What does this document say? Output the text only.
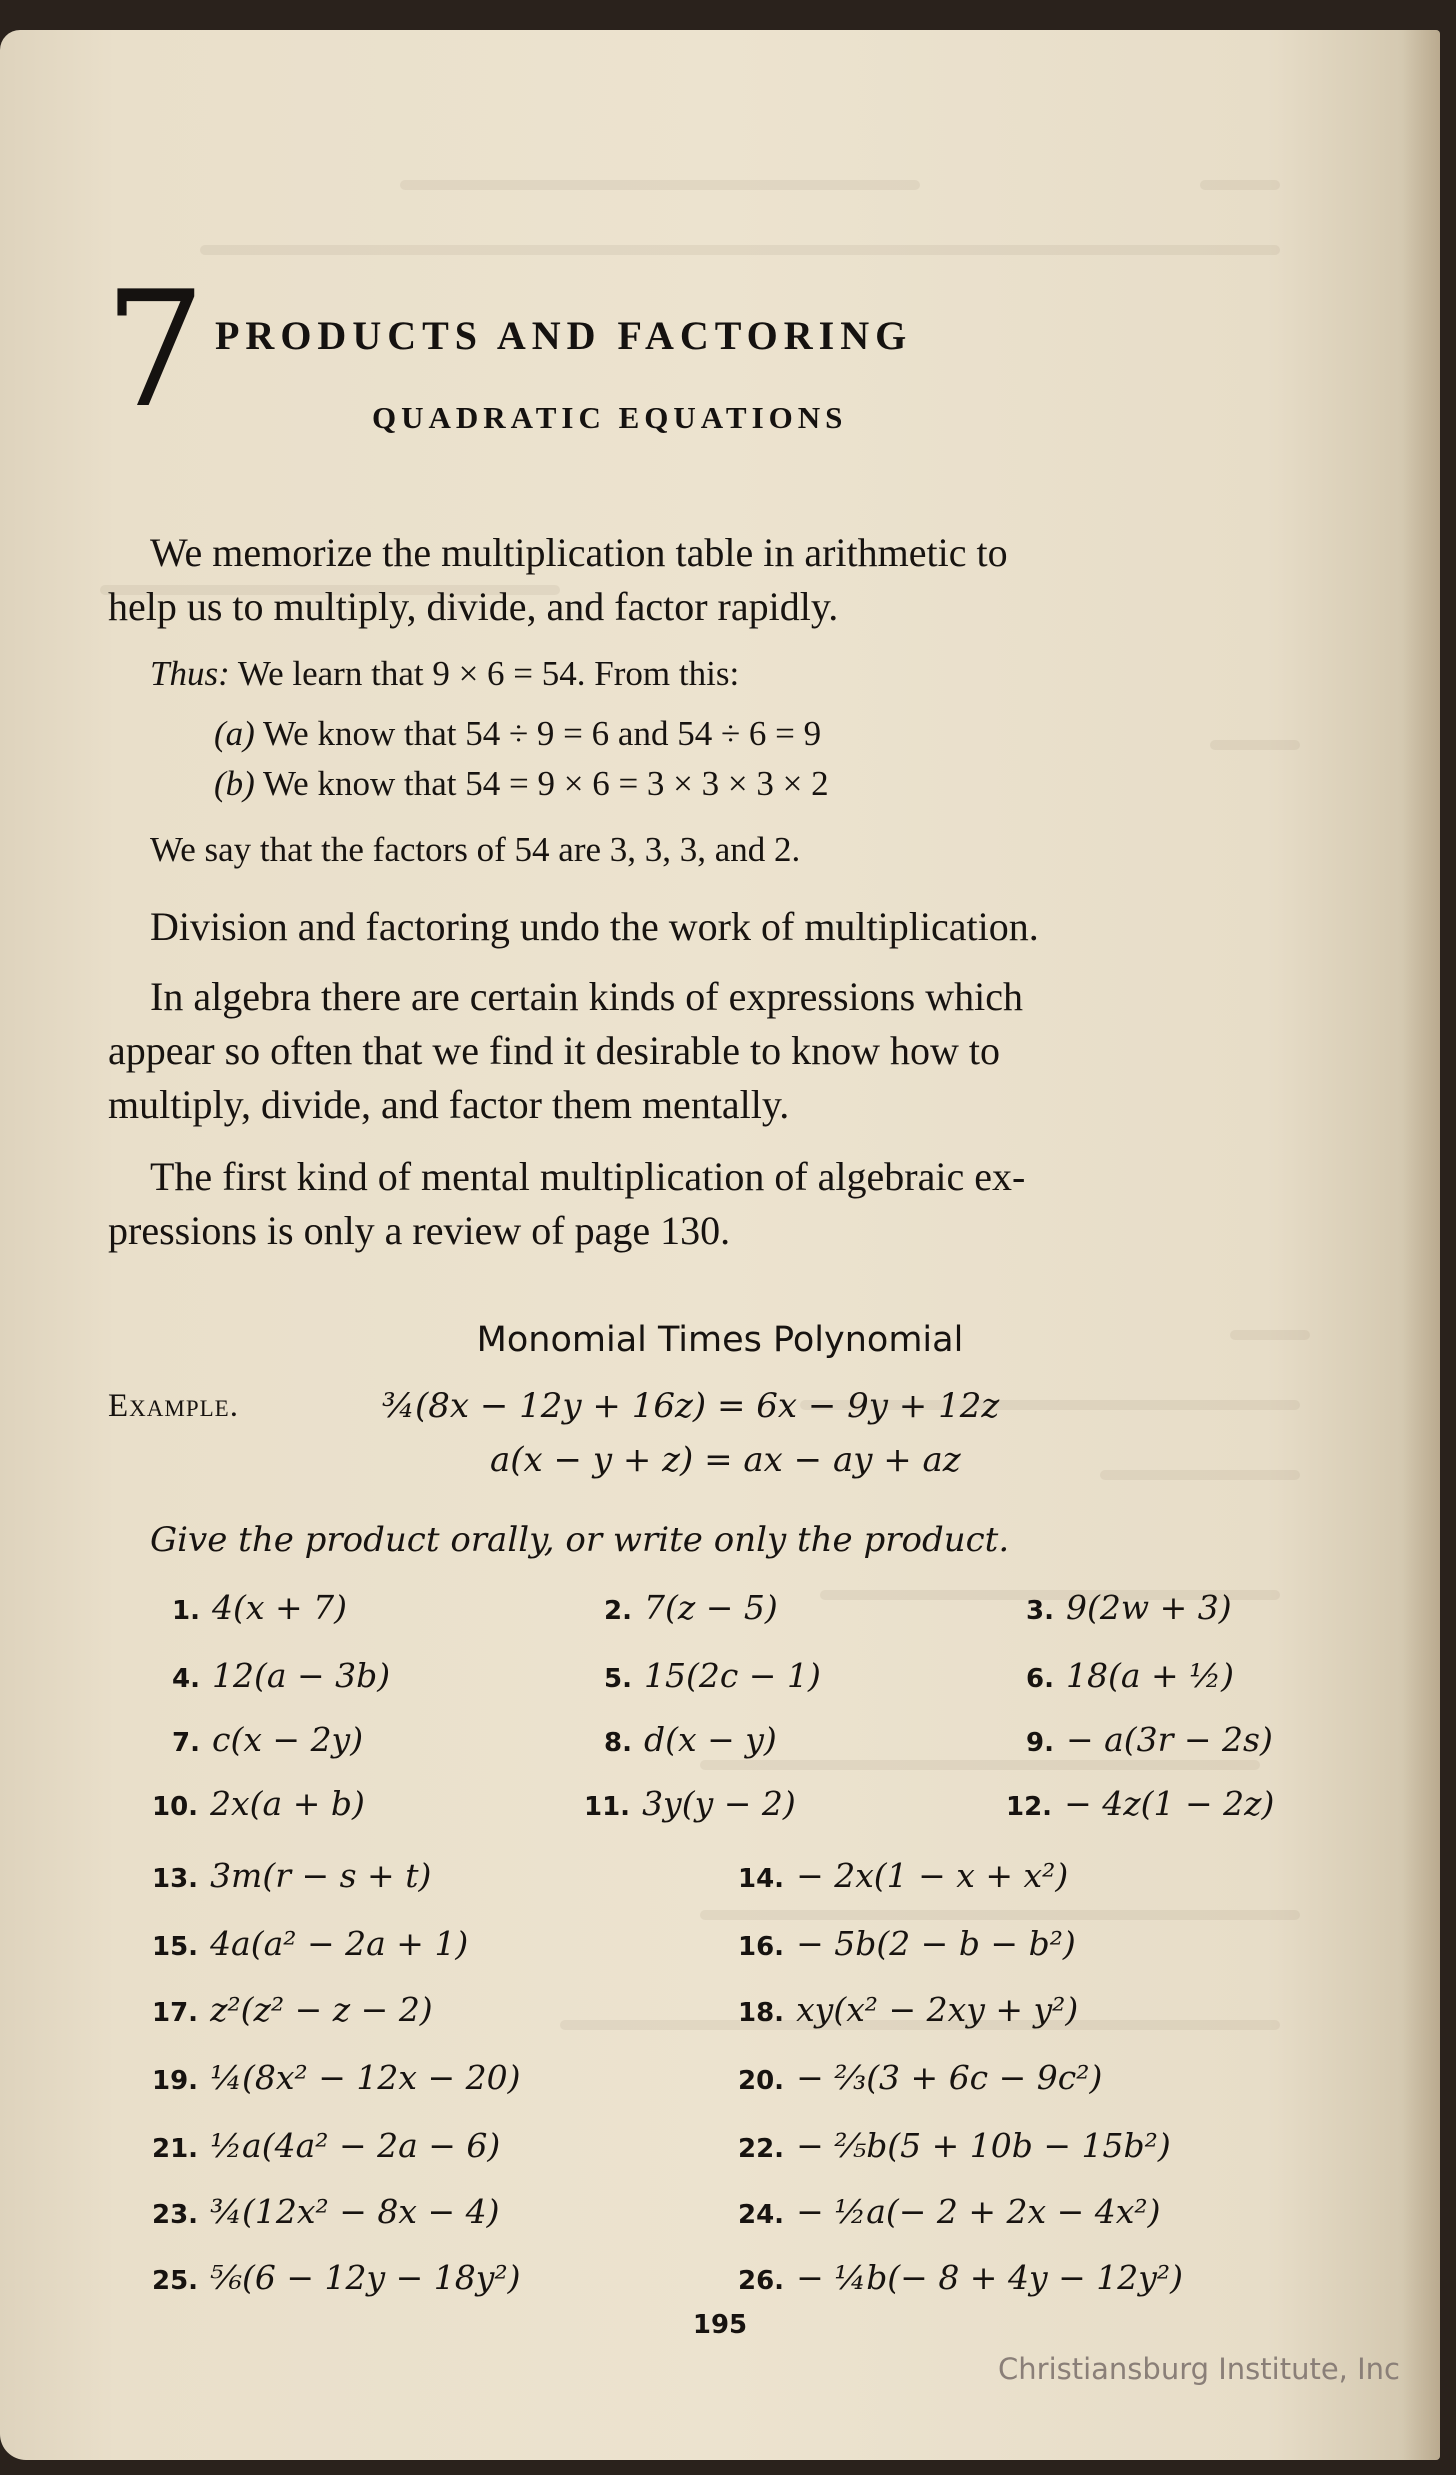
7 PRODUCTS AND FACTORING
QUADRATIC EQUATIONS
We memorize the multiplication table in arithmetic to
help us to multiply, divide, and factor rapidly.
Thus: We learn that 9 × 6 = 54. From this:
(a) We know that 54 ÷ 9 = 6 and 54 ÷ 6 = 9
(b) We know that 54 = 9 × 6 = 3 × 3 × 3 × 2
We say that the factors of 54 are 3, 3, 3, and 2.
Division and factoring undo the work of multiplication.
In algebra there are certain kinds of expressions which
appear so often that we find it desirable to know how to
multiply, divide, and factor them mentally.
The first kind of mental multiplication of algebraic ex-
pressions is only a review of page 130.
Monomial Times Polynomial
Example.	¾(8x − 12y + 16z) = 6x − 9y + 12z
a(x − y + z) = ax − ay + az
Give the product orally, or write only the product.
1. 4(x + 7)	2. 7(z − 5)	3. 9(2w + 3)
4. 12(a − 3b)	5. 15(2c − 1)	6. 18(a + ½)
7. c(x − 2y)	8. d(x − y)	9. − a(3r − 2s)
10. 2x(a + b)	11. 3y(y − 2)	12. − 4z(1 − 2z)
13. 3m(r − s + t)	14. − 2x(1 − x + x²)
15. 4a(a² − 2a + 1)	16. − 5b(2 − b − b²)
17. z²(z² − z − 2)	18. xy(x² − 2xy + y²)
19. ¼(8x² − 12x − 20)	20. − ⅔(3 + 6c − 9c²)
21. ½a(4a² − 2a − 6)	22. − ⅖b(5 + 10b − 15b²)
23. ¾(12x² − 8x − 4)	24. − ½a(− 2 + 2x − 4x²)
25. ⅚(6 − 12y − 18y²)	26. − ¼b(− 8 + 4y − 12y²)
195
Christiansburg Institute, Inc
